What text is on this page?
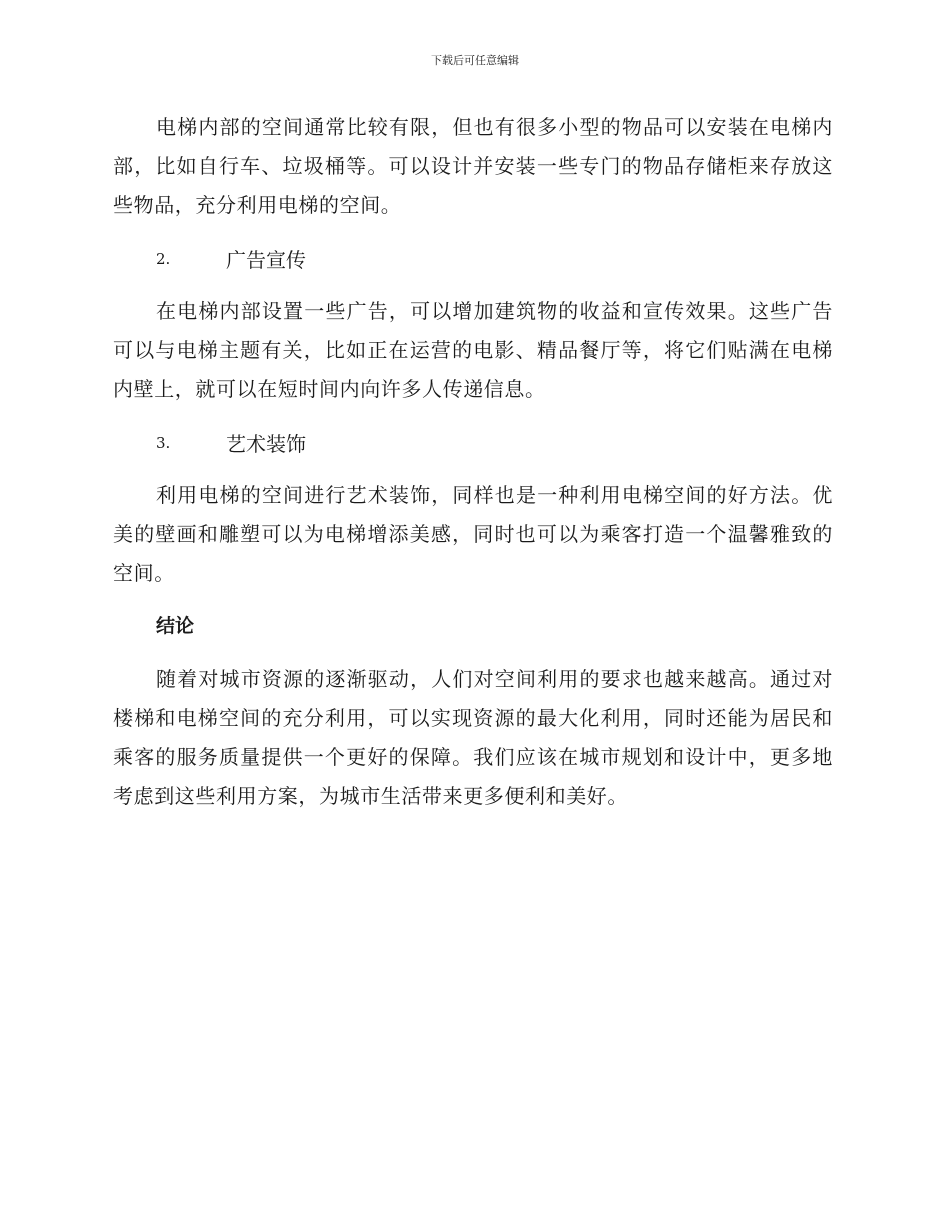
下载后可任意编辑

电梯内部的空间通常比较有限，但也有很多小型的物品可以安装在电梯内部，比如自行车、垃圾桶等。可以设计并安装一些专门的物品存储柜来存放这些物品，充分利用电梯的空间。

2.	广告宣传

在电梯内部设置一些广告，可以增加建筑物的收益和宣传效果。这些广告可以与电梯主题有关，比如正在运营的电影、精品餐厅等，将它们贴满在电梯内壁上，就可以在短时间内向许多人传递信息。

3.	艺术装饰

利用电梯的空间进行艺术装饰，同样也是一种利用电梯空间的好方法。优美的壁画和雕塑可以为电梯增添美感，同时也可以为乘客打造一个温馨雅致的空间。

结论

随着对城市资源的逐渐驱动，人们对空间利用的要求也越来越高。通过对楼梯和电梯空间的充分利用，可以实现资源的最大化利用，同时还能为居民和乘客的服务质量提供一个更好的保障。我们应该在城市规划和设计中，更多地考虑到这些利用方案，为城市生活带来更多便利和美好。
